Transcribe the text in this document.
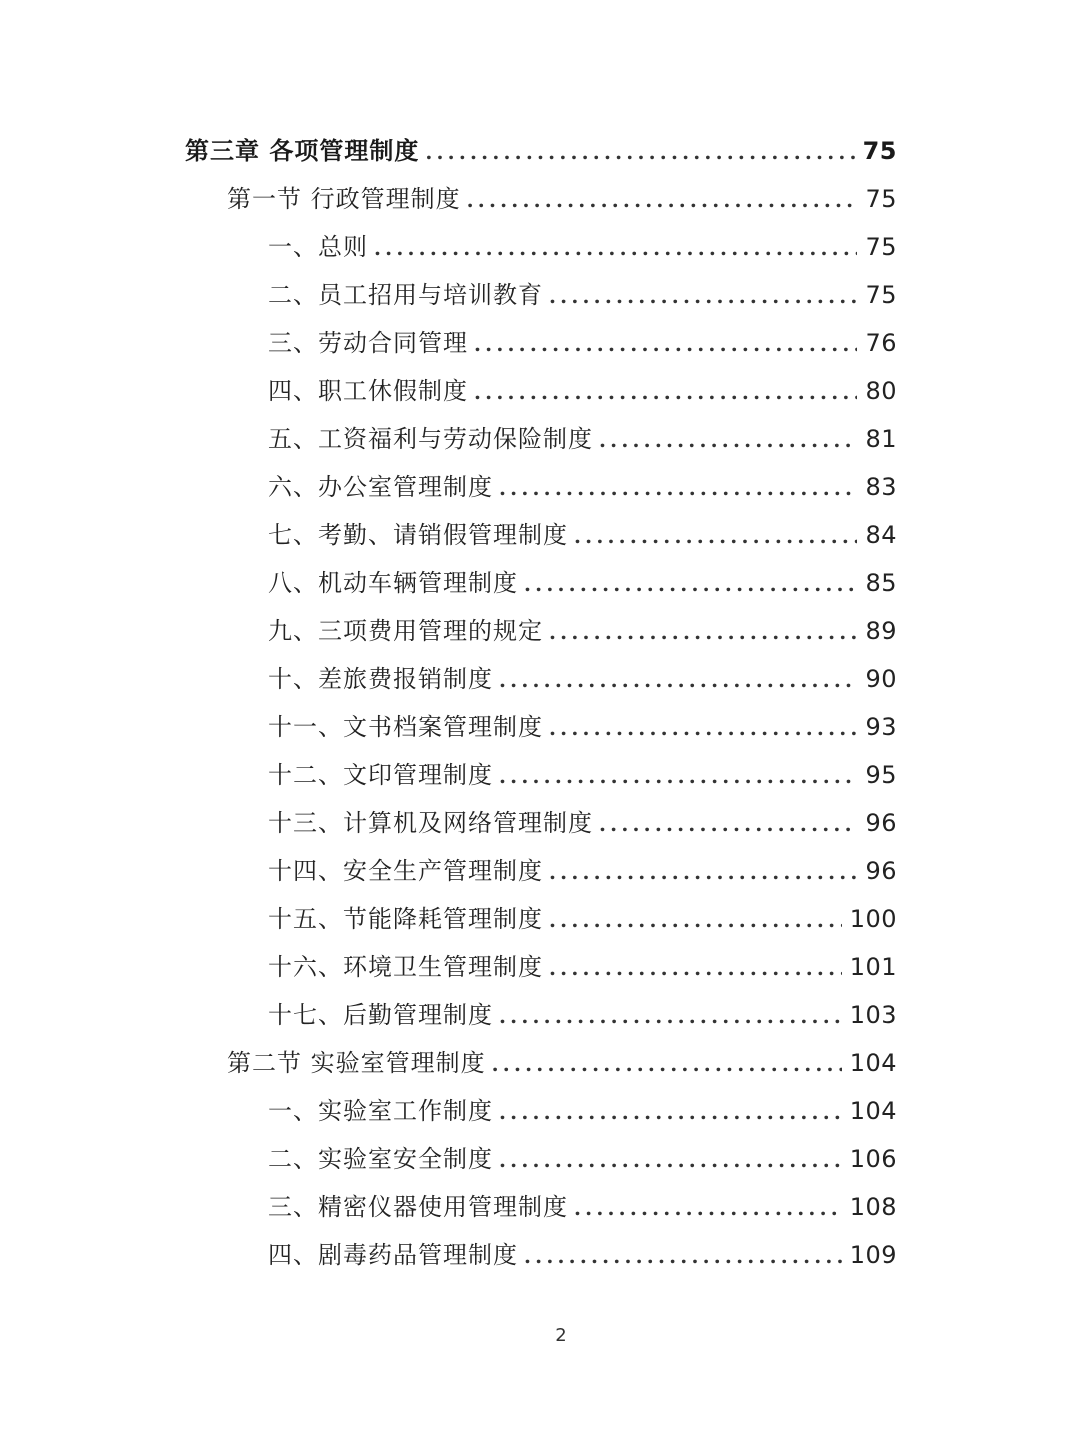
第三章 各项管理制度 .....	75
第一节 行政管理制度 .....	75
一、总则 .....	75
二、员工招用与培训教育 .....	75
三、劳动合同管理 .....	76
四、职工休假制度 .....	80
五、工资福利与劳动保险制度 .....	81
六、办公室管理制度 .....	83
七、考勤、请销假管理制度 .....	84
八、机动车辆管理制度 .....	85
九、三项费用管理的规定 .....	89
十、差旅费报销制度 .....	90
十一、文书档案管理制度 .....	93
十二、文印管理制度 .....	95
十三、计算机及网络管理制度 .....	96
十四、安全生产管理制度 .....	96
十五、节能降耗管理制度 .....	100
十六、环境卫生管理制度 .....	101
十七、后勤管理制度 .....	103
第二节 实验室管理制度 .....	104
一、实验室工作制度 .....	104
二、实验室安全制度 .....	106
三、精密仪器使用管理制度 .....	108
四、剧毒药品管理制度 .....	109
2
